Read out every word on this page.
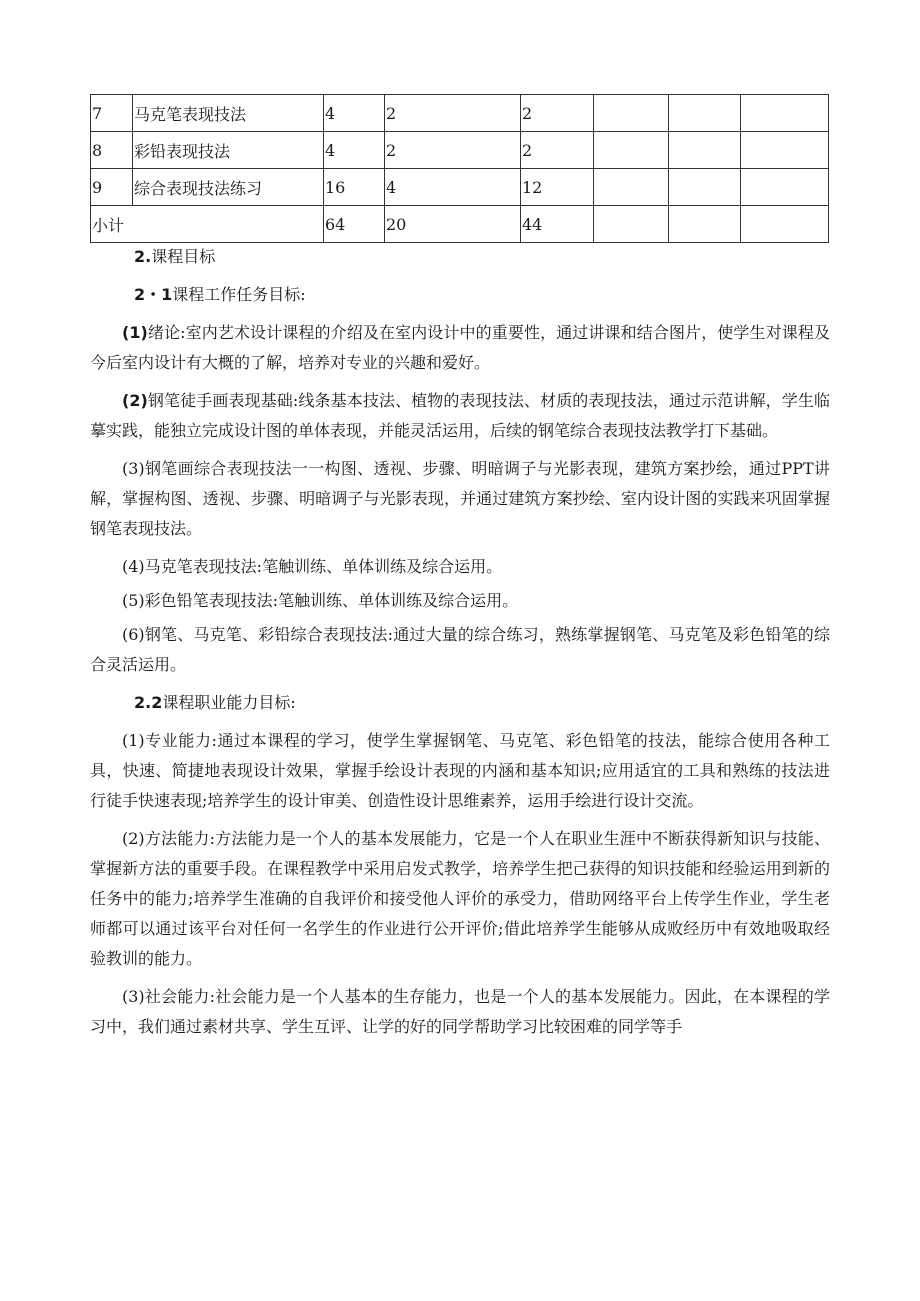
7	马克笔表现技法	4	2	2			
8	彩铅表现技法	4	2	2			
9	综合表现技法练习	16	4	12			
小计		64	20	44			

2.课程目标

2・1课程工作任务目标:

(1)绪论:室内艺术设计课程的介绍及在室内设计中的重要性，通过讲课和结合图片，使学生对课程及今后室内设计有大概的了解，培养对专业的兴趣和爱好。

(2)钢笔徒手画表现基础:线条基本技法、植物的表现技法、材质的表现技法，通过示范讲解，学生临摹实践，能独立完成设计图的单体表现，并能灵活运用，后续的钢笔综合表现技法教学打下基础。

(3)钢笔画综合表现技法一一构图、透视、步骤、明暗调子与光影表现，建筑方案抄绘，通过PPT讲解，掌握构图、透视、步骤、明暗调子与光影表现，并通过建筑方案抄绘、室内设计图的实践来巩固掌握钢笔表现技法。

(4)马克笔表现技法:笔触训练、单体训练及综合运用。

(5)彩色铅笔表现技法:笔触训练、单体训练及综合运用。

(6)钢笔、马克笔、彩铅综合表现技法:通过大量的综合练习，熟练掌握钢笔、马克笔及彩色铅笔的综合灵活运用。

2.2课程职业能力目标:

(1)专业能力:通过本课程的学习，使学生掌握钢笔、马克笔、彩色铅笔的技法，能综合使用各种工具，快速、简捷地表现设计效果，掌握手绘设计表现的内涵和基本知识;应用适宜的工具和熟练的技法进行徒手快速表现;培养学生的设计审美、创造性设计思维素养，运用手绘进行设计交流。

(2)方法能力:方法能力是一个人的基本发展能力，它是一个人在职业生涯中不断获得新知识与技能、掌握新方法的重要手段。在课程教学中采用启发式教学，培养学生把己获得的知识技能和经验运用到新的任务中的能力;培养学生准确的自我评价和接受他人评价的承受力，借助网络平台上传学生作业，学生老师都可以通过该平台对任何一名学生的作业进行公开评价;借此培养学生能够从成败经历中有效地吸取经验教训的能力。

(3)社会能力:社会能力是一个人基本的生存能力，也是一个人的基本发展能力。因此，在本课程的学习中，我们通过素材共享、学生互评、让学的好的同学帮助学习比较困难的同学等手
